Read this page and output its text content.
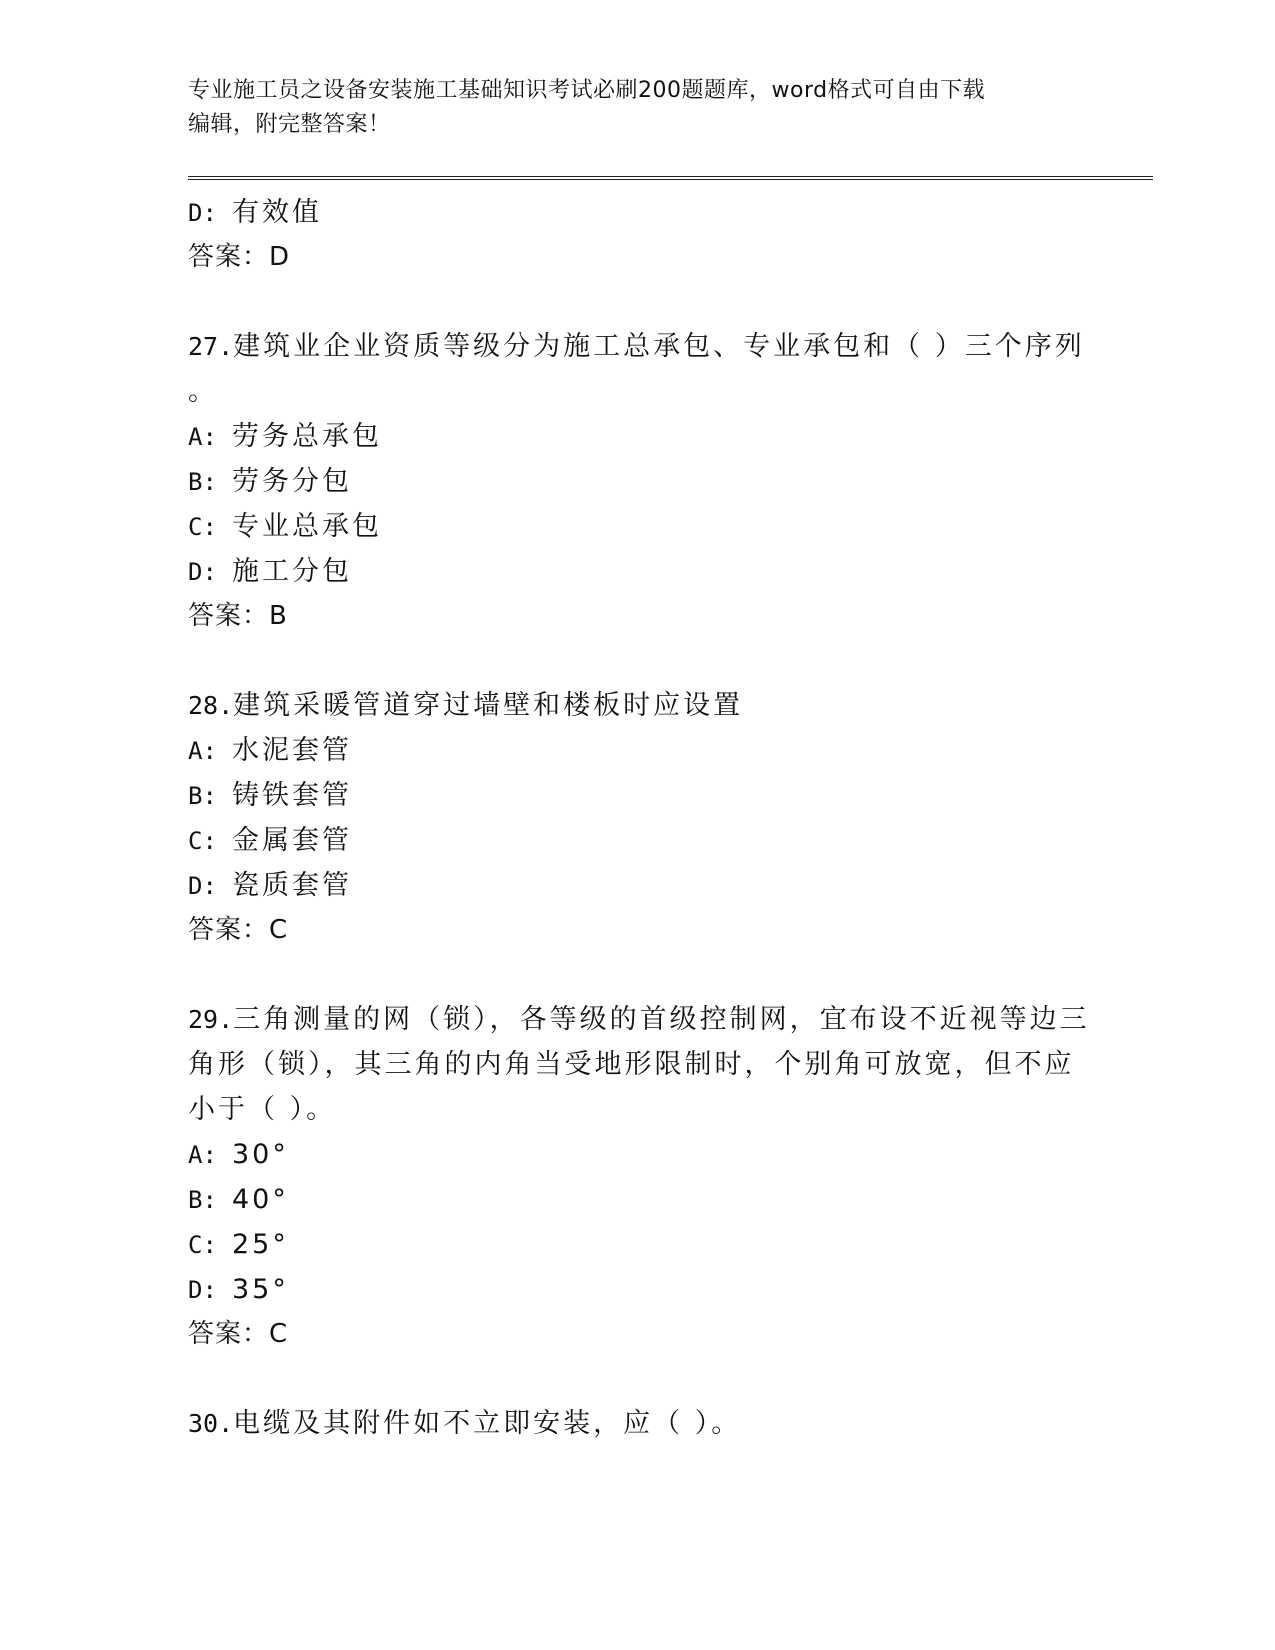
专业施工员之设备安装施工基础知识考试必刷200题题库，word格式可自由下载
编辑，附完整答案！
D: 有效值
答案：D
27.建筑业企业资质等级分为施工总承包、专业承包和（ ）三个序列
。
A: 劳务总承包
B: 劳务分包
C: 专业总承包
D: 施工分包
答案：B
28.建筑采暖管道穿过墙壁和楼板时应设置
A: 水泥套管
B: 铸铁套管
C: 金属套管
D: 瓷质套管
答案：C
29.三角测量的网（锁），各等级的首级控制网，宜布设不近视等边三
角形（锁），其三角的内角当受地形限制时，个别角可放宽，但不应
小于（ ）。
A: 30°
B: 40°
C: 25°
D: 35°
答案：C
30.电缆及其附件如不立即安装，应（ ）。
